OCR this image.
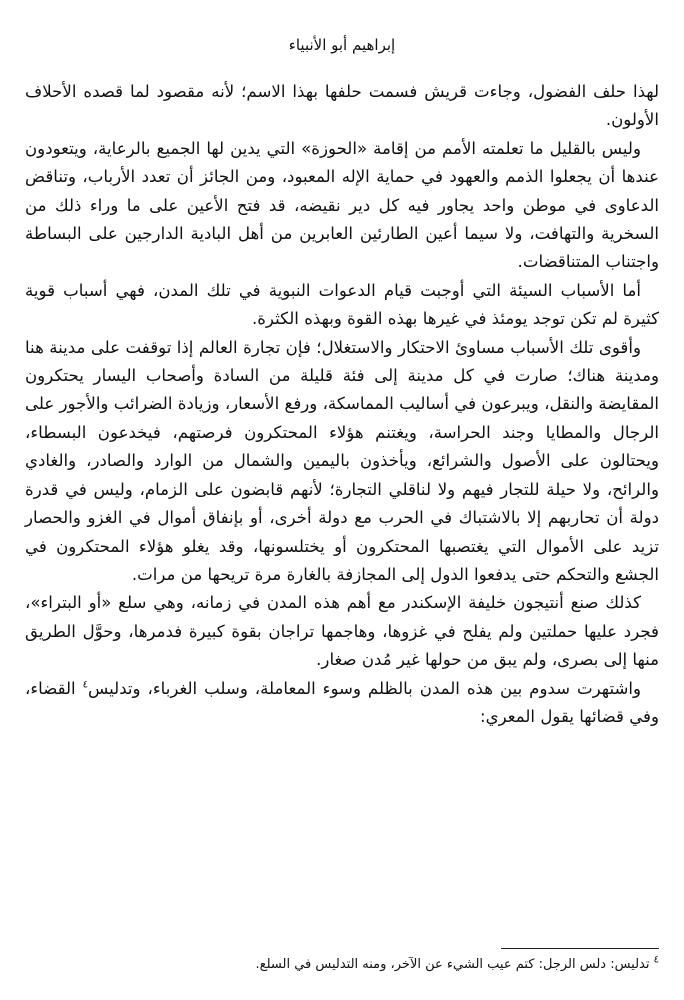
إبراهيم أبو الأنبياء

لهذا حلف الفضول، وجاءت قريش فسمت حلفها بهذا الاسم؛ لأنه مقصود لما قصده الأحلاف الأولون.

وليس بالقليل ما تعلمته الأمم من إقامة «الحوزة» التي يدين لها الجميع بالرعاية، ويتعودون عندها أن يجعلوا الذمم والعهود في حماية الإله المعبود، ومن الجائز أن تعدد الأرباب، وتناقض الدعاوى في موطن واحد يجاور فيه كل دير نقيضه، قد فتح الأعين على ما وراء ذلك من السخرية والتهافت، ولا سيما أعين الطارئين العابرين من أهل البادية الدارجين على البساطة واجتناب المتناقضات.

أما الأسباب السيئة التي أوجبت قيام الدعوات النبوية في تلك المدن، فهي أسباب قوية كثيرة لم تكن توجد يومئذ في غيرها بهذه القوة وبهذه الكثرة.

وأقوى تلك الأسباب مساوئ الاحتكار والاستغلال؛ فإن تجارة العالم إذا توقفت على مدينة هنا ومدينة هناك؛ صارت في كل مدينة إلى فئة قليلة من السادة وأصحاب اليسار يحتكرون المقايضة والنقل، ويبرعون في أساليب المماسكة، ورفع الأسعار، وزيادة الضرائب والأجور على الرجال والمطايا وجند الحراسة، ويغتنم هؤلاء المحتكرون فرصتهم، فيخدعون البسطاء، ويحتالون على الأصول والشرائع، ويأخذون باليمين والشمال من الوارد والصادر، والغادي والرائح، ولا حيلة للتجار فيهم ولا لناقلي التجارة؛ لأنهم قابضون على الزمام، وليس في قدرة دولة أن تحاربهم إلا بالاشتباك في الحرب مع دولة أخرى، أو بإنفاق أموال في الغزو والحصار تزيد على الأموال التي يغتصبها المحتكرون أو يختلسونها، وقد يغلو هؤلاء المحتكرون في الجشع والتحكم حتى يدفعوا الدول إلى المجازفة بالغارة مرة تريحها من مرات.

كذلك صنع أنتيجون خليفة الإسكندر مع أهم هذه المدن في زمانه، وهي سلع «أو البتراء»، فجرد عليها حملتين ولم يفلح في غزوها، وهاجمها تراجان بقوة كبيرة فدمرها، وحوَّل الطريق منها إلى بصرى، ولم يبق من حولها غير مُدن صغار.

واشتهرت سدوم بين هذه المدن بالظلم وسوء المعاملة، وسلب الغرباء، وتدليس$^٤$ القضاء، وفي قضائها يقول المعري:

$^٤$ تدليس: دلس الرجل: كتم عيب الشيء عن الآخر، ومنه التدليس في السلع.
